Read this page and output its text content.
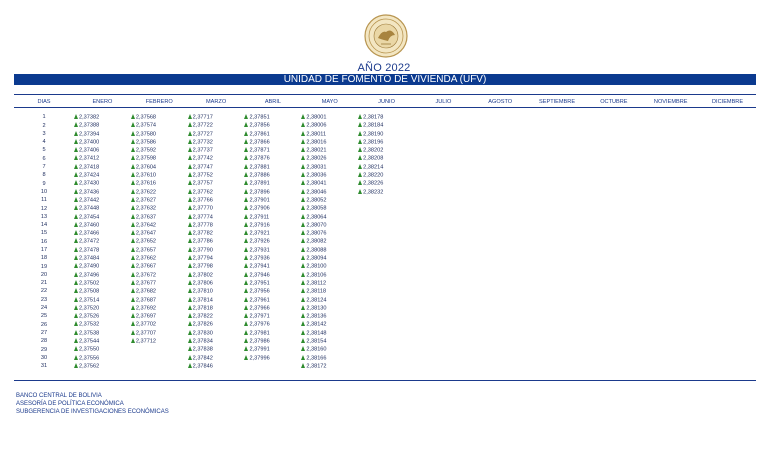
AÑO 2022
UNIDAD DE FOMENTO DE VIVIENDA (UFV)
DIAS	ENERO	FEBRERO	MARZO	ABRIL	MAYO	JUNIO	JULIO	AGOSTO	SEPTIEMBRE	OCTUBRE	NOVIEMBRE	DICIEMBRE

1	2,37382	2,37568	2,37717	2,37851	2,38001	2,38178						
2	2,37388	2,37574	2,37722	2,37856	2,38006	2,38184						
3	2,37394	2,37580	2,37727	2,37861	2,38011	2,38190						
4	2,37400	2,37586	2,37732	2,37866	2,38016	2,38196						
5	2,37406	2,37592	2,37737	2,37871	2,38021	2,38202						
6	2,37412	2,37598	2,37742	2,37876	2,38026	2,38208						
7	2,37418	2,37604	2,37747	2,37881	2,38031	2,38214						
8	2,37424	2,37610	2,37752	2,37886	2,38036	2,38220						
9	2,37430	2,37616	2,37757	2,37891	2,38041	2,38226						
10	2,37436	2,37622	2,37762	2,37896	2,38046	2,38232						
11	2,37442	2,37627	2,37766	2,37901	2,38052							
12	2,37448	2,37632	2,37770	2,37906	2,38058							
13	2,37454	2,37637	2,37774	2,37911	2,38064							
14	2,37460	2,37642	2,37778	2,37916	2,38070							
15	2,37466	2,37647	2,37782	2,37921	2,38076							
16	2,37472	2,37652	2,37786	2,37926	2,38082							
17	2,37478	2,37657	2,37790	2,37931	2,38088							
18	2,37484	2,37662	2,37794	2,37936	2,38094							
19	2,37490	2,37667	2,37798	2,37941	2,38100							
20	2,37496	2,37672	2,37802	2,37946	2,38106							
21	2,37502	2,37677	2,37806	2,37951	2,38112							
22	2,37508	2,37682	2,37810	2,37956	2,38118							
23	2,37514	2,37687	2,37814	2,37961	2,38124							
24	2,37520	2,37692	2,37818	2,37966	2,38130							
25	2,37526	2,37697	2,37822	2,37971	2,38136							
26	2,37532	2,37702	2,37826	2,37976	2,38142							
27	2,37538	2,37707	2,37830	2,37981	2,38148							
28	2,37544	2,37712	2,37834	2,37986	2,38154							
29	2,37550		2,37838	2,37991	2,38160							
30	2,37556		2,37842	2,37996	2,38166							
31	2,37562		2,37846		2,38172							
BANCO CENTRAL DE BOLIVIA
ASESORÍA DE POLÍTICA ECONÓMICA
SUBGERENCIA DE INVESTIGACIONES ECONÓMICAS
